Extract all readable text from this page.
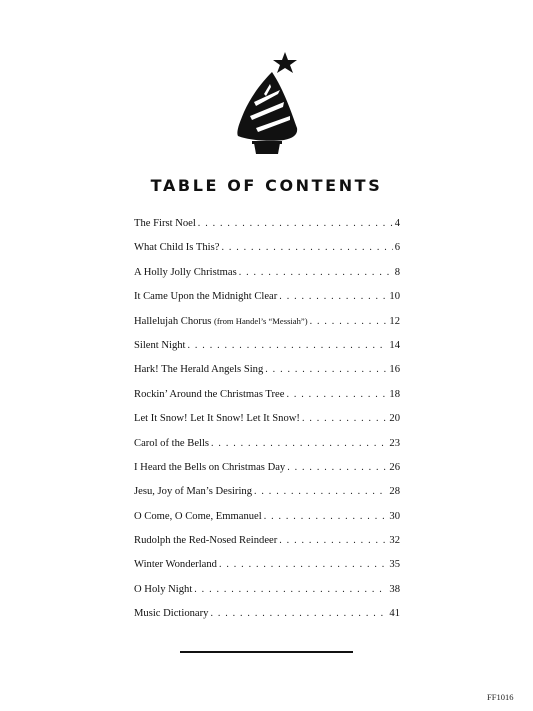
TABLE OF CONTENTS
The First Noel . . .	4
What Child Is This? . . .	6
A Holly Jolly Christmas . . .	8
It Came Upon the Midnight Clear . . .	10
Hallelujah Chorus (from Handel’s “Messiah”) . . .	12
Silent Night . . .	14
Hark! The Herald Angels Sing . . .	16
Rockin’ Around the Christmas Tree . . .	18
Let It Snow! Let It Snow! Let It Snow! . . .	20
Carol of the Bells . . .	23
I Heard the Bells on Christmas Day . . .	26
Jesu, Joy of Man’s Desiring . . .	28
O Come, O Come, Emmanuel . . .	30
Rudolph the Red-Nosed Reindeer . . .	32
Winter Wonderland . . .	35
O Holy Night . . .	38
Music Dictionary . . .	41
FF1016
